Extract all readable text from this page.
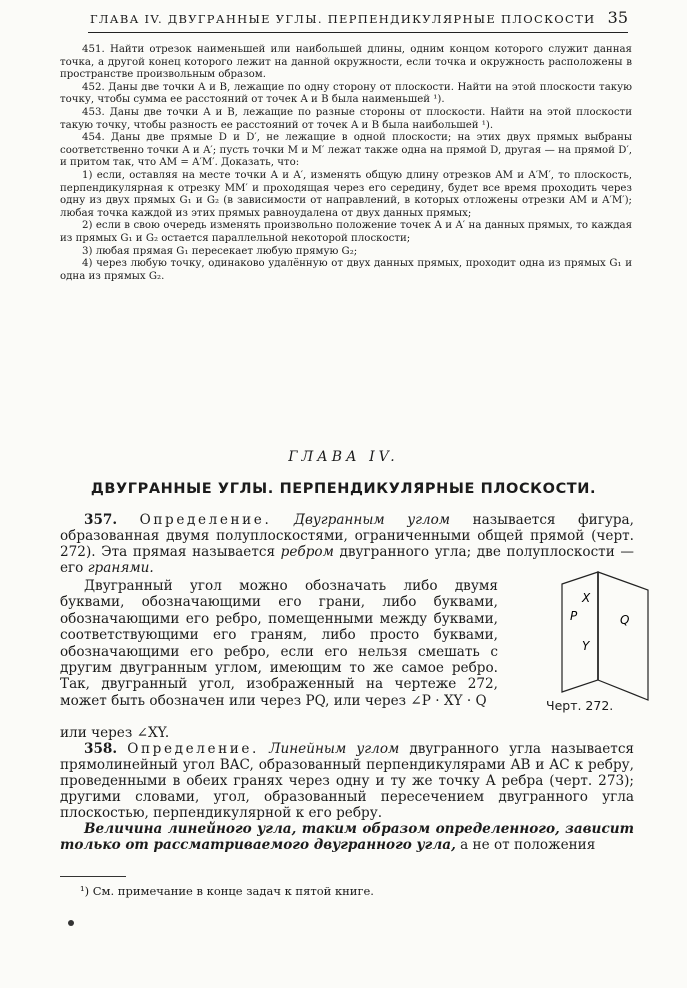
ГЛАВА IV. ДВУГРАННЫЕ УГЛЫ. ПЕРПЕНДИКУЛЯРНЫЕ ПЛОСКОСТИ 35

451. Найти отрезок наименьшей или наибольшей длины, одним концом которого служит данная точка, а другой конец которого лежит на данной окружности, если точка и окружность расположены в пространстве произвольным образом.

452. Даны две точки A и B, лежащие по одну сторону от плоскости. Найти на этой плоскости такую точку, чтобы сумма ее расстояний от точек A и B была наименьшей ¹).

453. Даны две точки A и B, лежащие по разные стороны от плоскости. Найти на этой плоскости такую точку, чтобы разность ее расстояний от точек A и B была наибольшей ¹).

454. Даны две прямые D и D′, не лежащие в одной плоскости; на этих двух прямых выбраны соответственно точки A и A′; пусть точки M и M′ лежат также одна на прямой D, другая — на прямой D′, и притом так, что AM = A′M′. Доказать, что:

1) если, оставляя на месте точки A и A′, изменять общую длину отрезков AM и A′M′, то плоскость, перпендикулярная к отрезку MM′ и проходящая через его середину, будет все время проходить через одну из двух прямых G₁ и G₂ (в зависимости от направлений, в которых отложены отрезки AM и A′M′); любая точка каждой из этих прямых равноудалена от двух данных прямых;

2) если в свою очередь изменять произвольно положение точек A и A′ на данных прямых, то каждая из прямых G₁ и G₂ остается параллельной некоторой плоскости;

3) любая прямая G₁ пересекает любую прямую G₂;

4) через любую точку, одинаково удалённую от двух данных прямых, проходит одна из прямых G₁ и одна из прямых G₂.

ГЛАВА IV.
ДВУГРАННЫЕ УГЛЫ. ПЕРПЕНДИКУЛЯРНЫЕ ПЛОСКОСТИ.

357. Определение. Двугранным углом называется фигура, образованная двумя полуплоскостями, ограниченными общей прямой (черт. 272). Эта прямая называется ребром двугранного угла; две полуплоскости — его гранями.

Двугранный угол можно обозначать либо двумя буквами, обозначающими его грани, либо буквами, обозначающими его ребро, помещенными между буквами, соответствующими его граням, либо просто буквами, обозначающими его ребро, если его нельзя смешать с другим двугранным углом, имеющим то же самое ребро. Так, двугранный угол, изображенный на чертеже 272, может быть обозначен или через PQ, или через ∠P · XY · Q

или через ∠XY.

X
P	Q
Y
Черт. 272.

358. Определение. Линейным углом двугранного угла называется прямолинейный угол BAC, образованный перпендикулярами AB и AC к ребру, проведенными в обеих гранях через одну и ту же точку A ребра (черт. 273); другими словами, угол, образованный пересечением двугранного угла плоскостью, перпендикулярной к его ребру.

Величина линейного угла, таким образом определенного, зависит только от рассматриваемого двугранного угла, а не от положения

¹) См. примечание в конце задач к пятой книге.
